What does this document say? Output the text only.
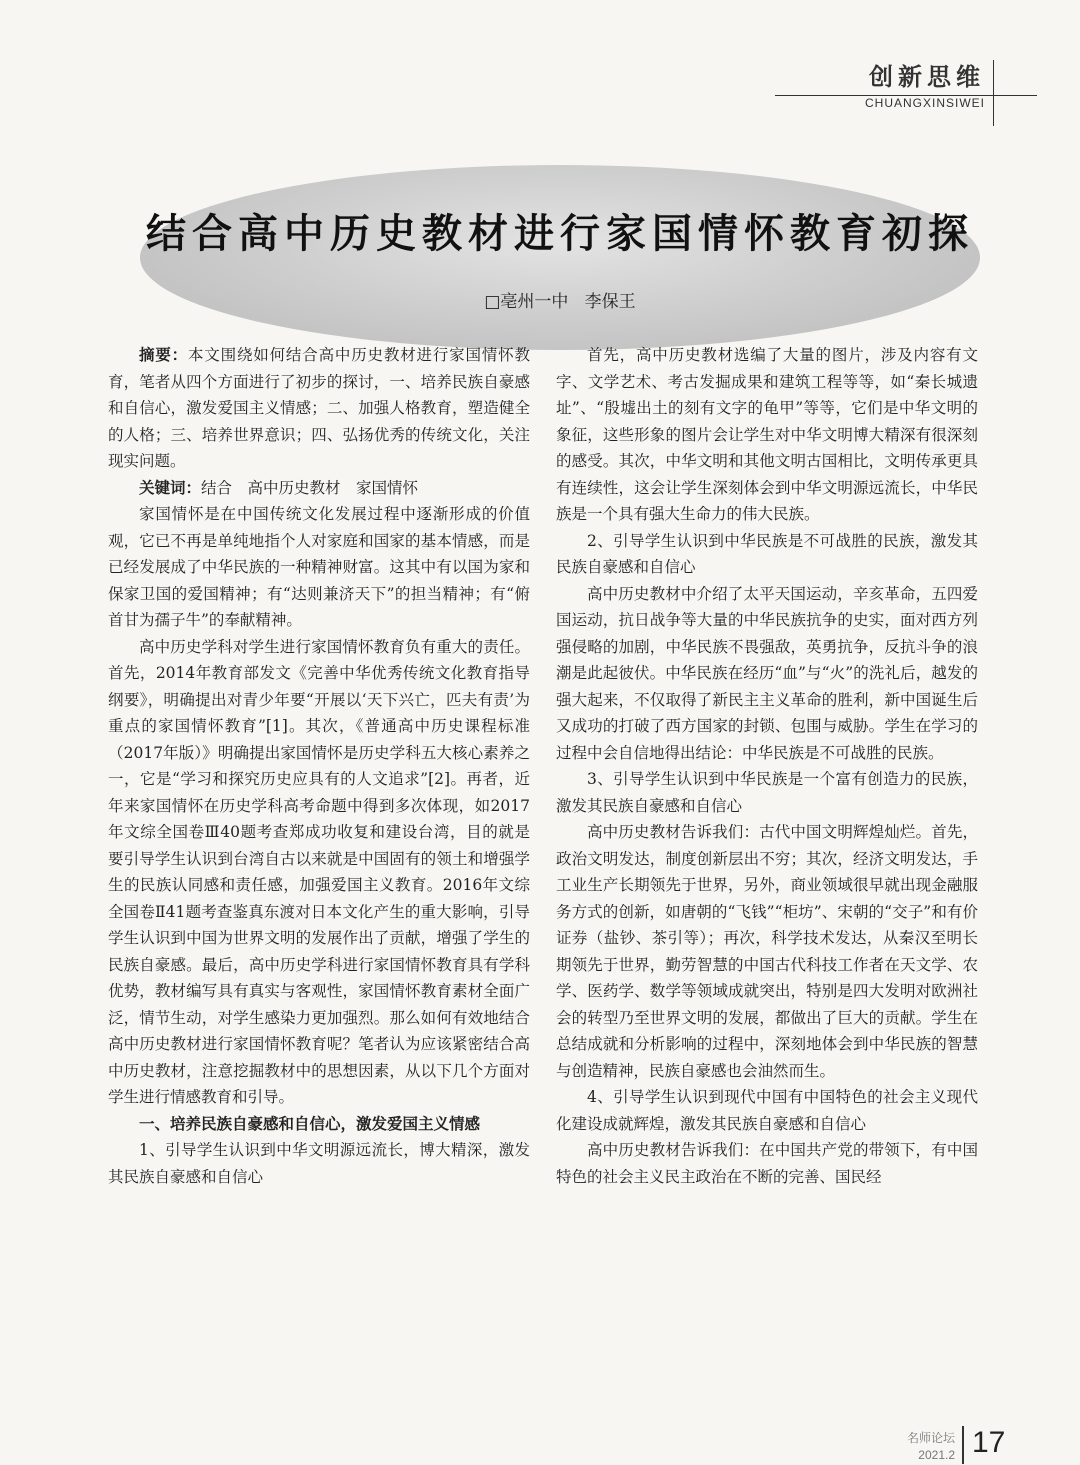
创新思维
CHUANGXINSIWEI
结合高中历史教材进行家国情怀教育初探
□亳州一中   李保王

摘要：本文围绕如何结合高中历史教材进行家国情怀教育，笔者从四个方面进行了初步的探讨，一、培养民族自豪感和自信心，激发爱国主义情感；二、加强人格教育，塑造健全的人格；三、培养世界意识；四、弘扬优秀的传统文化，关注现实问题。

关键词：结合　高中历史教材　家国情怀

家国情怀是在中国传统文化发展过程中逐渐形成的价值观，它已不再是单纯地指个人对家庭和国家的基本情感，而是已经发展成了中华民族的一种精神财富。这其中有以国为家和保家卫国的爱国精神；有“达则兼济天下”的担当精神；有“俯首甘为孺子牛”的奉献精神。

高中历史学科对学生进行家国情怀教育负有重大的责任。首先，2014年教育部发文《完善中华优秀传统文化教育指导纲要》，明确提出对青少年要“开展以‘天下兴亡，匹夫有责’为重点的家国情怀教育”[1]。其次，《普通高中历史课程标准（2017年版）》明确提出家国情怀是历史学科五大核心素养之一，它是“学习和探究历史应具有的人文追求”[2]。再者，近年来家国情怀在历史学科高考命题中得到多次体现，如2017年文综全国卷Ⅲ40题考查郑成功收复和建设台湾，目的就是要引导学生认识到台湾自古以来就是中国固有的领土和增强学生的民族认同感和责任感，加强爱国主义教育。2016年文综全国卷Ⅱ41题考查鉴真东渡对日本文化产生的重大影响，引导学生认识到中国为世界文明的发展作出了贡献，增强了学生的民族自豪感。最后，高中历史学科进行家国情怀教育具有学科优势，教材编写具有真实与客观性，家国情怀教育素材全面广泛，情节生动，对学生感染力更加强烈。那么如何有效地结合高中历史教材进行家国情怀教育呢？笔者认为应该紧密结合高中历史教材，注意挖掘教材中的思想因素，从以下几个方面对学生进行情感教育和引导。

一、培养民族自豪感和自信心，激发爱国主义情感

1、引导学生认识到中华文明源远流长，博大精深，激发其民族自豪感和自信心

首先，高中历史教材选编了大量的图片，涉及内容有文字、文学艺术、考古发掘成果和建筑工程等等，如“秦长城遗址”、“殷墟出土的刻有文字的龟甲”等等，它们是中华文明的象征，这些形象的图片会让学生对中华文明博大精深有很深刻的感受。其次，中华文明和其他文明古国相比，文明传承更具有连续性，这会让学生深刻体会到中华文明源远流长，中华民族是一个具有强大生命力的伟大民族。

2、引导学生认识到中华民族是不可战胜的民族，激发其民族自豪感和自信心

高中历史教材中介绍了太平天国运动，辛亥革命，五四爱国运动，抗日战争等大量的中华民族抗争的史实，面对西方列强侵略的加剧，中华民族不畏强敌，英勇抗争，反抗斗争的浪潮是此起彼伏。中华民族在经历“血”与“火”的洗礼后，越发的强大起来，不仅取得了新民主主义革命的胜利，新中国诞生后又成功的打破了西方国家的封锁、包围与威胁。学生在学习的过程中会自信地得出结论：中华民族是不可战胜的民族。

3、引导学生认识到中华民族是一个富有创造力的民族，激发其民族自豪感和自信心

高中历史教材告诉我们：古代中国文明辉煌灿烂。首先，政治文明发达，制度创新层出不穷；其次，经济文明发达，手工业生产长期领先于世界，另外，商业领域很早就出现金融服务方式的创新，如唐朝的“飞钱”“柜坊”、宋朝的“交子”和有价证券（盐钞、茶引等）；再次，科学技术发达，从秦汉至明长期领先于世界，勤劳智慧的中国古代科技工作者在天文学、农学、医药学、数学等领域成就突出，特别是四大发明对欧洲社会的转型乃至世界文明的发展，都做出了巨大的贡献。学生在总结成就和分析影响的过程中，深刻地体会到中华民族的智慧与创造精神，民族自豪感也会油然而生。

4、引导学生认识到现代中国有中国特色的社会主义现代化建设成就辉煌，激发其民族自豪感和自信心

高中历史教材告诉我们：在中国共产党的带领下，有中国特色的社会主义民主政治在不断的完善、国民经

名师论坛
2021.2 17
